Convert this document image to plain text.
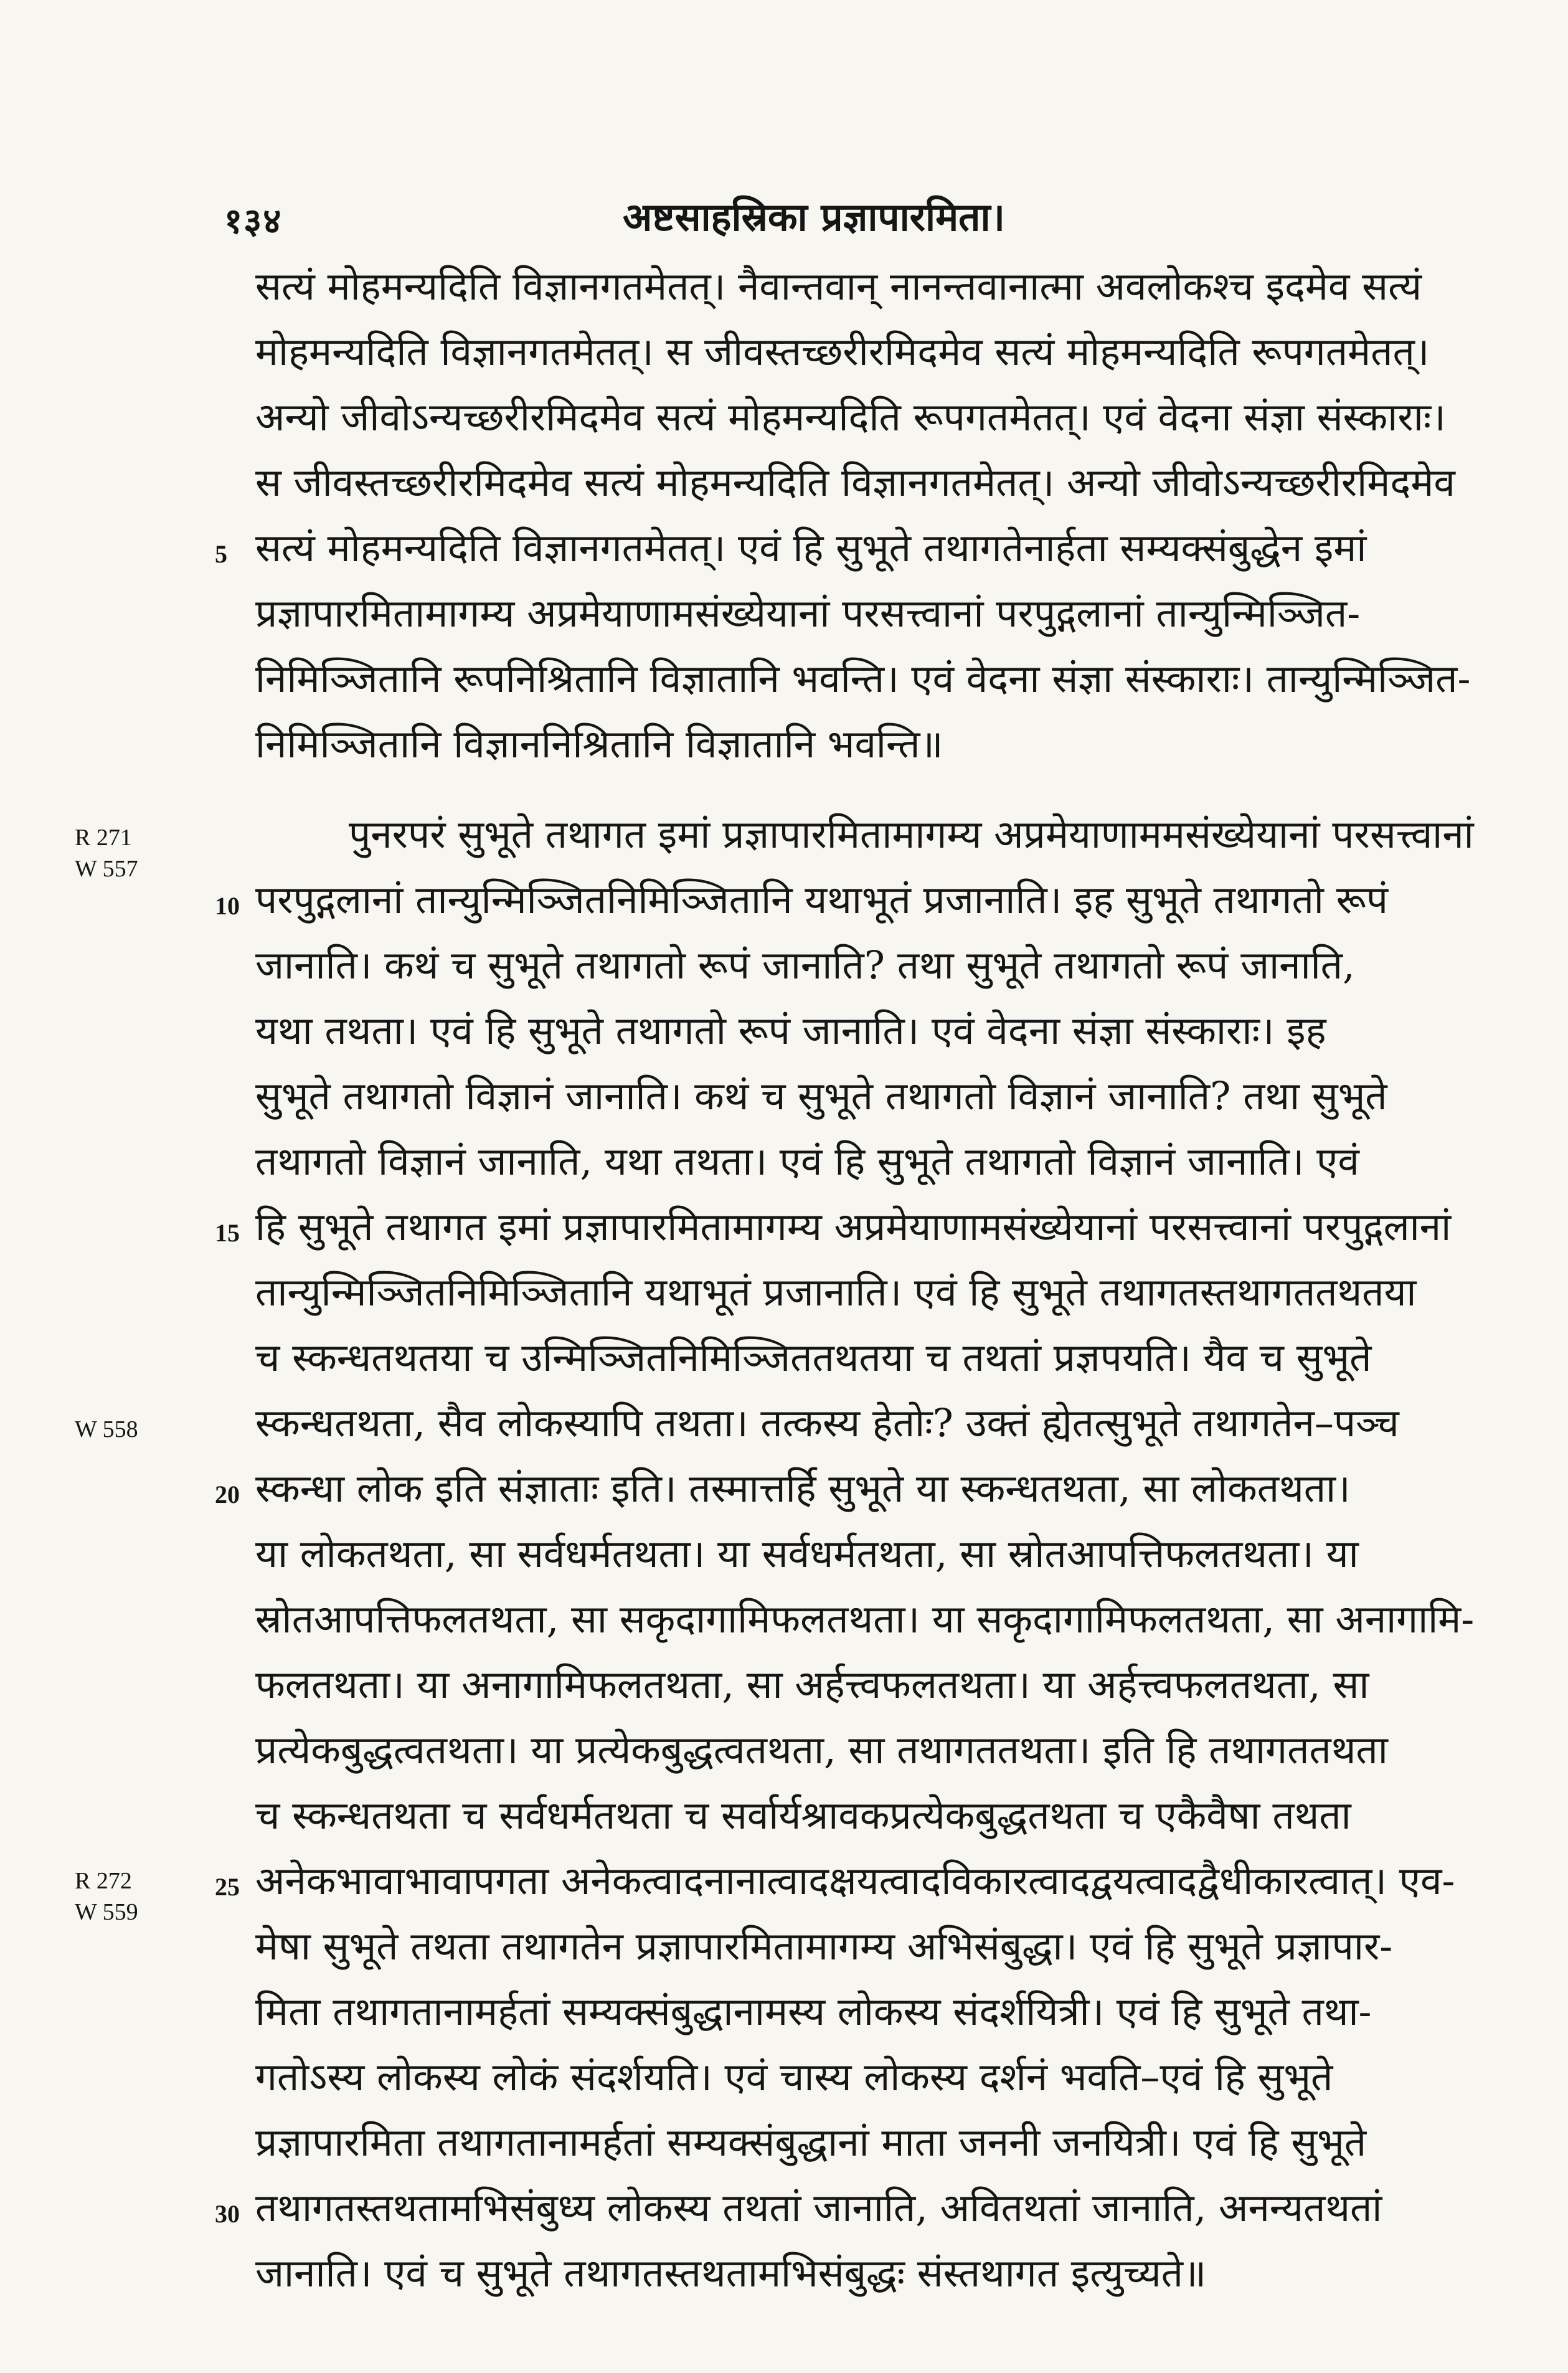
१३४	अष्टसाहस्रिका प्रज्ञापारमिता।
सत्यं मोहमन्यदिति विज्ञानगतमेतत्। नैवान्तवान् नानन्तवानात्मा अवलोकश्च इदमेव सत्यं
मोहमन्यदिति विज्ञानगतमेतत्। स जीवस्तच्छरीरमिदमेव सत्यं मोहमन्यदिति रूपगतमेतत्।
अन्यो जीवोऽन्यच्छरीरमिदमेव सत्यं मोहमन्यदिति रूपगतमेतत्। एवं वेदना संज्ञा संस्काराः।
स जीवस्तच्छरीरमिदमेव सत्यं मोहमन्यदिति विज्ञानगतमेतत्। अन्यो जीवोऽन्यच्छरीरमिदमेव
सत्यं मोहमन्यदिति विज्ञानगतमेतत्। एवं हि सुभूते तथागतेनार्हता सम्यक्संबुद्धेन इमां
प्रज्ञापारमितामागम्य अप्रमेयाणामसंख्येयानां परसत्त्वानां परपुद्गलानां तान्युन्मिञ्जित-
निमिञ्जितानि रूपनिश्रितानि विज्ञातानि भवन्ति। एवं वेदना संज्ञा संस्काराः। तान्युन्मिञ्जित-
निमिञ्जितानि विज्ञाननिश्रितानि विज्ञातानि भवन्ति॥
पुनरपरं सुभूते तथागत इमां प्रज्ञापारमितामागम्य अप्रमेयाणाममसंख्येयानां परसत्त्वानां
परपुद्गलानां तान्युन्मिञ्जितनिमिञ्जितानि यथाभूतं प्रजानाति। इह सुभूते तथागतो रूपं
जानाति। कथं च सुभूते तथागतो रूपं जानाति? तथा सुभूते तथागतो रूपं जानाति,
यथा तथता। एवं हि सुभूते तथागतो रूपं जानाति। एवं वेदना संज्ञा संस्काराः। इह
सुभूते तथागतो विज्ञानं जानाति। कथं च सुभूते तथागतो विज्ञानं जानाति? तथा सुभूते
तथागतो विज्ञानं जानाति, यथा तथता। एवं हि सुभूते तथागतो विज्ञानं जानाति। एवं
हि सुभूते तथागत इमां प्रज्ञापारमितामागम्य अप्रमेयाणामसंख्येयानां परसत्त्वानां परपुद्गलानां
तान्युन्मिञ्जितनिमिञ्जितानि यथाभूतं प्रजानाति। एवं हि सुभूते तथागतस्तथागततथतया
च स्कन्धतथतया च उन्मिञ्जितनिमिञ्जिततथतया च तथतां प्रज्ञपयति। यैव च सुभूते
स्कन्धतथता, सैव लोकस्यापि तथता। तत्कस्य हेतोः? उक्तं ह्येतत्सुभूते तथागतेन–पञ्च
स्कन्धा लोक इति संज्ञाताः इति। तस्मात्तर्हि सुभूते या स्कन्धतथता, सा लोकतथता।
या लोकतथता, सा सर्वधर्मतथता। या सर्वधर्मतथता, सा स्रोतआपत्तिफलतथता। या
स्रोतआपत्तिफलतथता, सा सकृदागामिफलतथता। या सकृदागामिफलतथता, सा अनागामि-
फलतथता। या अनागामिफलतथता, सा अर्हत्त्वफलतथता। या अर्हत्त्वफलतथता, सा
प्रत्येकबुद्धत्वतथता। या प्रत्येकबुद्धत्वतथता, सा तथागततथता। इति हि तथागततथता
च स्कन्धतथता च सर्वधर्मतथता च सर्वार्यश्रावकप्रत्येकबुद्धतथता च एकैवैषा तथता
अनेकभावाभावापगता अनेकत्वादनानात्वादक्षयत्वादविकारत्वादद्वयत्वादद्वैधीकारत्वात्। एव-
मेषा सुभूते तथता तथागतेन प्रज्ञापारमितामागम्य अभिसंबुद्धा। एवं हि सुभूते प्रज्ञापार-
मिता तथागतानामर्हतां सम्यक्संबुद्धानामस्य लोकस्य संदर्शयित्री। एवं हि सुभूते तथा-
गतोऽस्य लोकस्य लोकं संदर्शयति। एवं चास्य लोकस्य दर्शनं भवति–एवं हि सुभूते
प्रज्ञापारमिता तथागतानामर्हतां सम्यक्संबुद्धानां माता जननी जनयित्री। एवं हि सुभूते
तथागतस्तथतामभिसंबुध्य लोकस्य तथतां जानाति, अवितथतां जानाति, अनन्यतथतां
जानाति। एवं च सुभूते तथागतस्तथतामभिसंबुद्धः संस्तथागत इत्युच्यते॥
5
10
15
20
25
30
R 271
W 557
W 558
R 272
W 559
